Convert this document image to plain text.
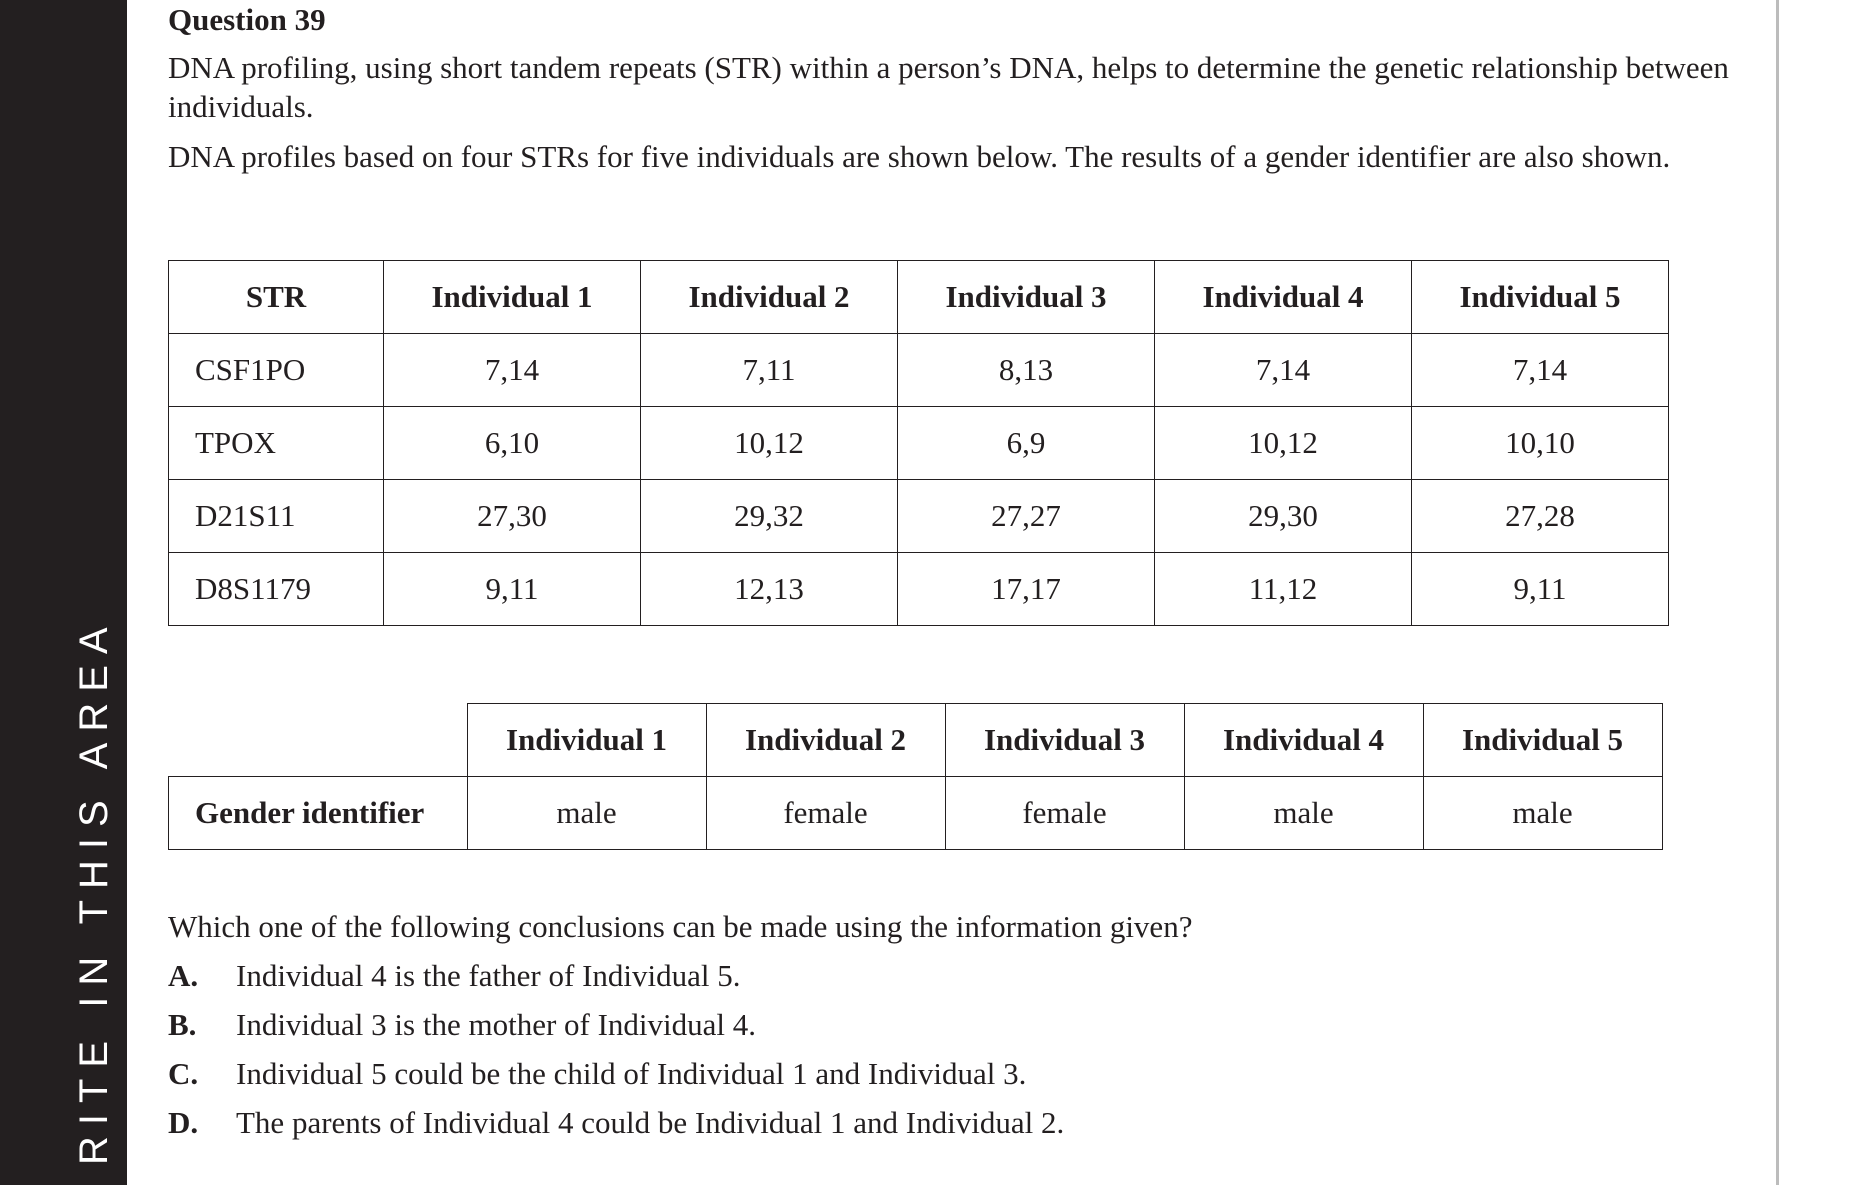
RITE IN THIS AREA
Question 39
DNA profiling, using short tandem repeats (STR) within a person’s DNA, helps to determine the genetic relationship between individuals.
DNA profiles based on four STRs for five individuals are shown below. The results of a gender identifier are also shown.
STR	Individual 1	Individual 2	Individual 3	Individual 4	Individual 5
CSF1PO	7,14	7,11	8,13	7,14	7,14
TPOX	6,10	10,12	6,9	10,12	10,10
D21S11	27,30	29,32	27,27	29,30	27,28
D8S1179	9,11	12,13	17,17	11,12	9,11
	Individual 1	Individual 2	Individual 3	Individual 4	Individual 5
Gender identifier	male	female	female	male	male
Which one of the following conclusions can be made using the information given?
A. Individual 4 is the father of Individual 5.
B. Individual 3 is the mother of Individual 4.
C. Individual 5 could be the child of Individual 1 and Individual 3.
D. The parents of Individual 4 could be Individual 1 and Individual 2.
